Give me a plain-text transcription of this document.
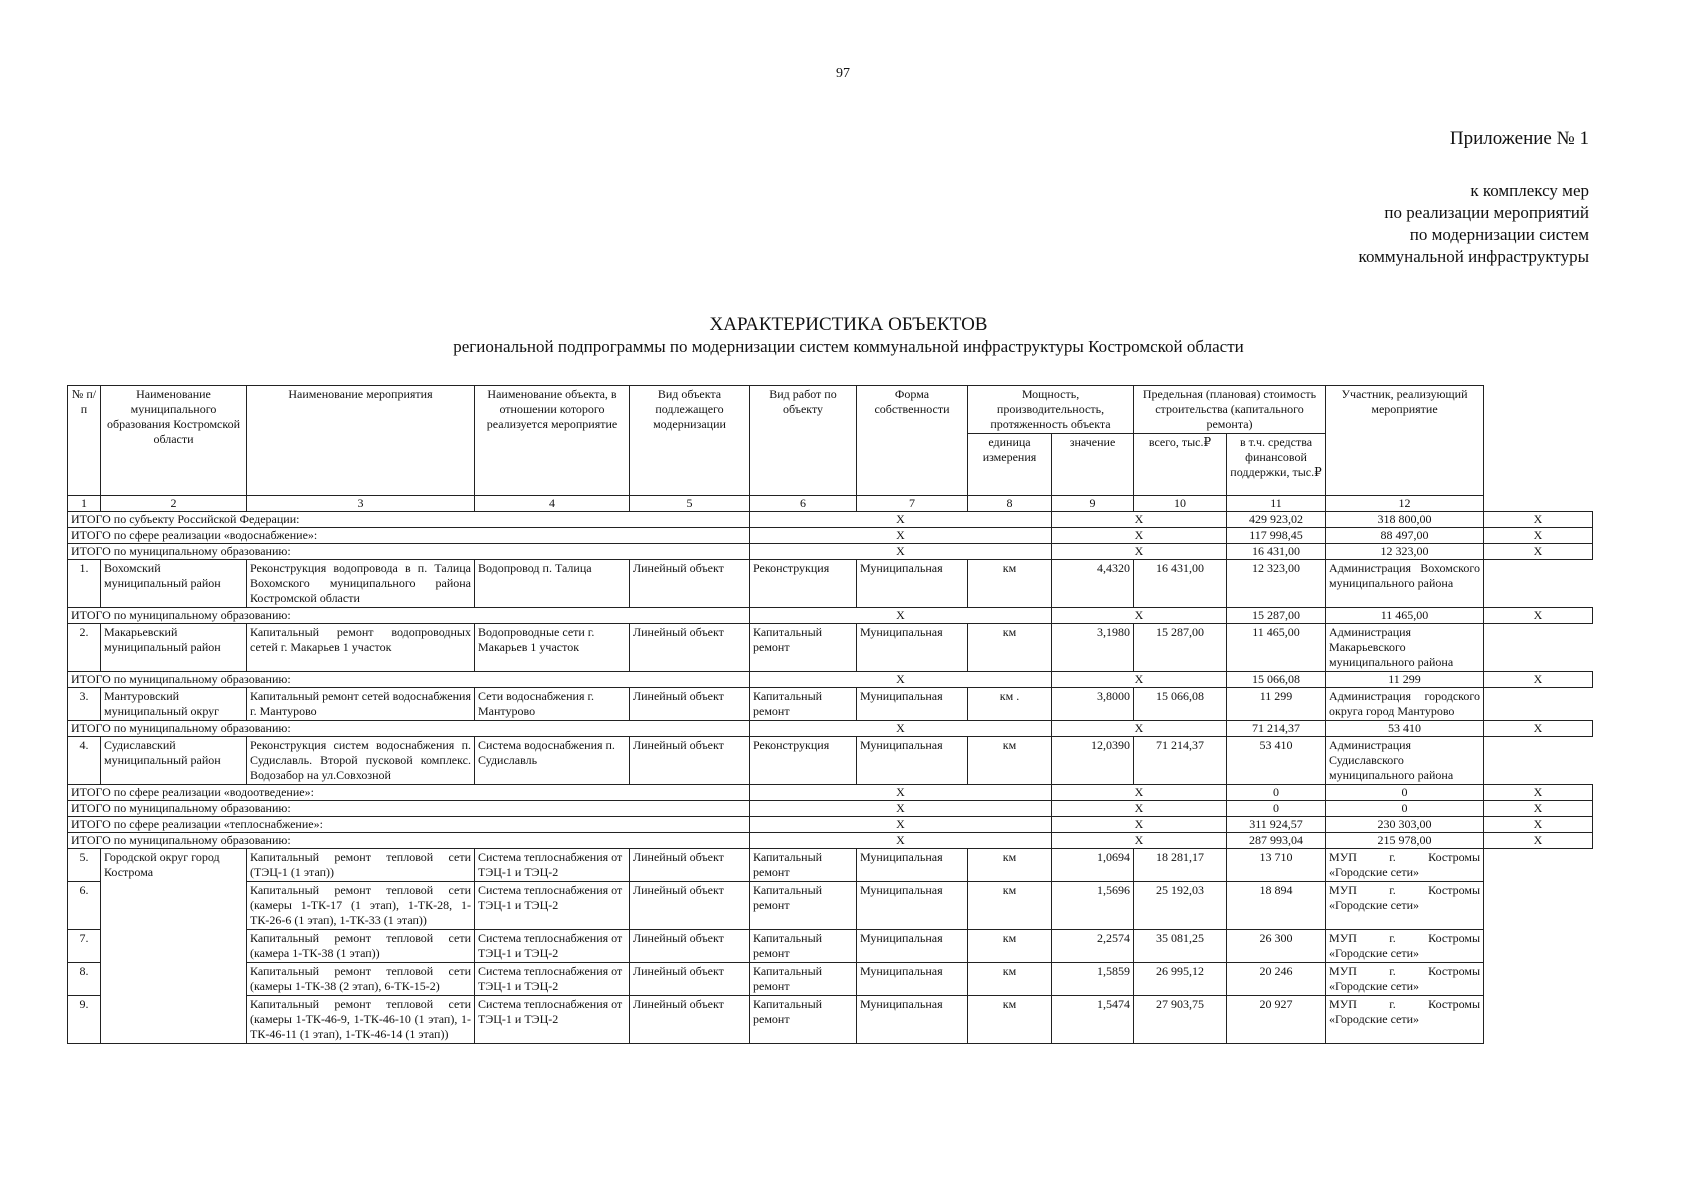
97
Приложение № 1
к комплексу мер
по реализации мероприятий
по модернизации систем
коммунальной инфраструктуры
ХАРАКТЕРИСТИКА ОБЪЕКТОВ
региональной подпрограммы по модернизации систем коммунальной инфраструктуры Костромской области
№ п/п	Наименование муниципального образования Костромской области	Наименование мероприятия	Наименование объекта, в отношении которого реализуется мероприятие	Вид объекта подлежащего модернизации	Вид работ по объекту	Форма собственности	Мощность, производительность, протяженность объекта		Предельная (плановая) стоимость строительства (капитального ремонта)		Участник, реализующий мероприятие	
							единица измерения	значение	всего, тыс.₽	в т.ч. средства финансовой поддержки, тыс.₽		
1	2	3	4	5	6	7	8	9	10	11	12	
ИТОГО по субъекту Российской Федерации:					X			X		429 923,02	318 800,00	X
ИТОГО по сфере реализации «водоснабжение»:					X			X		117 998,45	88 497,00	X
ИТОГО по муниципальному образованию:					X			X		16 431,00	12 323,00	X
1.	Вохомский муниципальный район	Реконструкция водопровода в п. Талица Вохомского муниципального района Костромской области	Водопровод п. Талица	Линейный объект	Реконструкция	Муниципальная	км	4,4320	16 431,00	12 323,00	Администрация Вохомского муниципального района	
ИТОГО по муниципальному образованию:					X			X		15 287,00	11 465,00	X
2.	Макарьевский муниципальный район	Капитальный ремонт водопроводных сетей г. Макарьев 1 участок	Водопроводные сети г. Макарьев 1 участок	Линейный объект	Капитальный ремонт	Муниципальная	км	3,1980	15 287,00	11 465,00	Администрация Макарьевского муниципального района	
ИТОГО по муниципальному образованию:					X			X		15 066,08	11 299	X
3.	Мантуровский муниципальный округ	Капитальный ремонт сетей водоснабжения г. Мантурово	Сети водоснабжения г. Мантурово	Линейный объект	Капитальный ремонт	Муниципальная	км .	3,8000	15 066,08	11 299	Администрация городского округа город Мантурово	
ИТОГО по муниципальному образованию:					X			X		71 214,37	53 410	X
4.	Судиславский муниципальный район	Реконструкция систем водоснабжения п. Судиславль. Второй пусковой комплекс. Водозабор на ул.Совхозной	Система водоснабжения п. Судиславль	Линейный объект	Реконструкция	Муниципальная	км	12,0390	71 214,37	53 410	Администрация Судиславского муниципального района	
ИТОГО по сфере реализации «водоотведение»:					X			X		0	0	X
ИТОГО по муниципальному образованию:					X			X		0	0	X
ИТОГО по сфере реализации «теплоснабжение»:					X			X		311 924,57	230 303,00	X
ИТОГО по муниципальному образованию:					X			X		287 993,04	215 978,00	X
5.	Городской округ город Кострома	Капитальный ремонт тепловой сети (ТЭЦ-1 (1 этап))	Система теплоснабжения от ТЭЦ-1 и ТЭЦ-2	Линейный объект	Капитальный ремонт	Муниципальная	км	1,0694	18 281,17	13 710	МУП г. Костромы «Городские сети»	
6.		Капитальный ремонт тепловой сети (камеры 1-ТК-17 (1 этап), 1-ТК-28, 1-ТК-26-6 (1 этап), 1-ТК-33 (1 этап))	Система теплоснабжения от ТЭЦ-1 и ТЭЦ-2	Линейный объект	Капитальный ремонт	Муниципальная	км	1,5696	25 192,03	18 894	МУП г. Костромы «Городские сети»	
7.		Капитальный ремонт тепловой сети (камера 1-ТК-38 (1 этап))	Система теплоснабжения от ТЭЦ-1 и ТЭЦ-2	Линейный объект	Капитальный ремонт	Муниципальная	км	2,2574	35 081,25	26 300	МУП г. Костромы «Городские сети»	
8.		Капитальный ремонт тепловой сети (камеры 1-ТК-38 (2 этап), 6-ТК-15-2)	Система теплоснабжения от ТЭЦ-1 и ТЭЦ-2	Линейный объект	Капитальный ремонт	Муниципальная	км	1,5859	26 995,12	20 246	МУП г. Костромы «Городские сети»	
9.		Капитальный ремонт тепловой сети (камеры 1-ТК-46-9, 1-ТК-46-10 (1 этап), 1-ТК-46-11 (1 этап), 1-ТК-46-14 (1 этап))	Система теплоснабжения от ТЭЦ-1 и ТЭЦ-2	Линейный объект	Капитальный ремонт	Муниципальная	км	1,5474	27 903,75	20 927	МУП г. Костромы «Городские сети»	
